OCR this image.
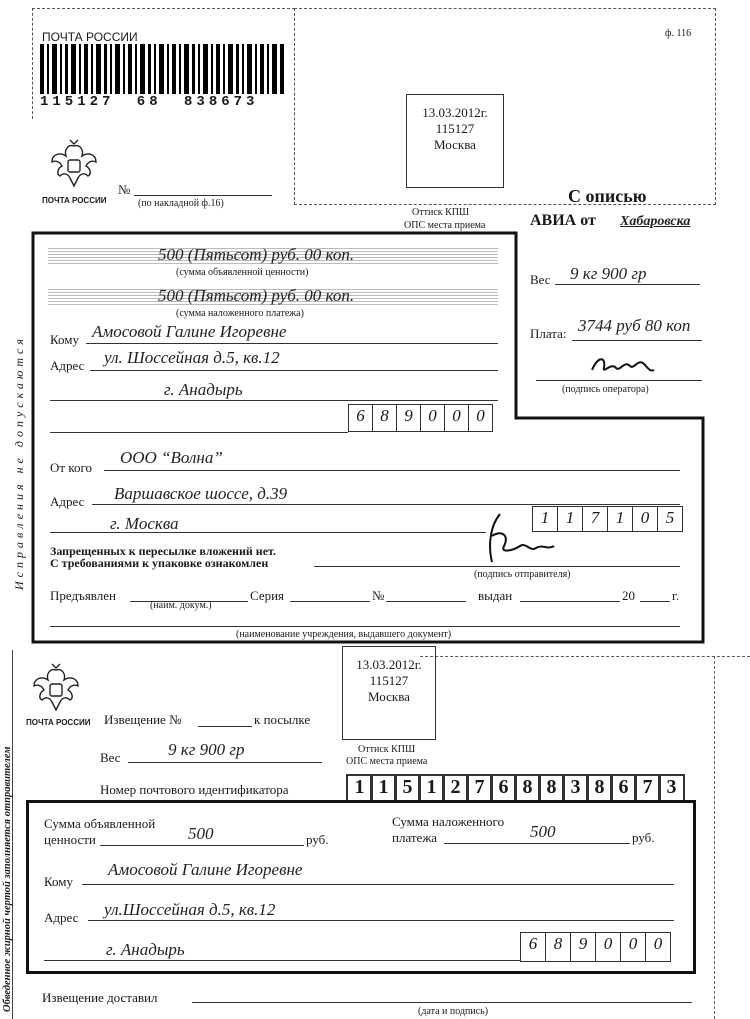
ПОЧТА РОССИИ
115127 68 838673
ф. 116
ПОЧТА РОССИИ
№
(по накладной ф.16)
13.03.2012г.
115127
Москва
Оттиск КПШ
ОПС места приема
С описью
АВИА от Хабаровска
Вес 9 кг 900 гр
Плата: 3744 руб 80 коп
(подпись оператора)
Исправления не допускаются
500 (Пятьсот) руб. 00 коп.
(сумма объявленной ценности)
500 (Пятьсот) руб. 00 коп.
(сумма наложенного платежа)
Кому Амосовой Галине Игоревне
Адрес ул. Шоссейная д.5, кв.12
г. Анадырь
6 8 9 0 0 0
От кого
ООО “Волна”
Адрес Варшавское шоссе, д.39
г. Москва	1 1 7 1 0 5
Запрещенных к пересылке вложений нет.
С требованиями к упаковке ознакомлен
(подпись отправителя)
Предъявлен
(наим. докум.)
Серия	№	выдан	20	г.
(наименование учреждения, выдавшего документ)
ПОЧТА РОССИИ
Обведенное жирной чертой заполняется отправителем
Извещение №	к посылке
Вес	9 кг 900 гр
13.03.2012г.
115127
Москва
Оттиск КПШ
ОПС места приема
Номер почтового идентификатора	1 1 5 1 2 7 6 8 8 3 8 6 7 3
Сумма объявленной
ценности	500	руб.
Сумма наложенного
платежа	500	руб.
Кому
Амосовой Галине Игоревне
Адрес ул.Шоссейная д.5, кв.12
г. Анадырь	6 8 9 0 0 0
Извещение доставил
(дата и подпись)
